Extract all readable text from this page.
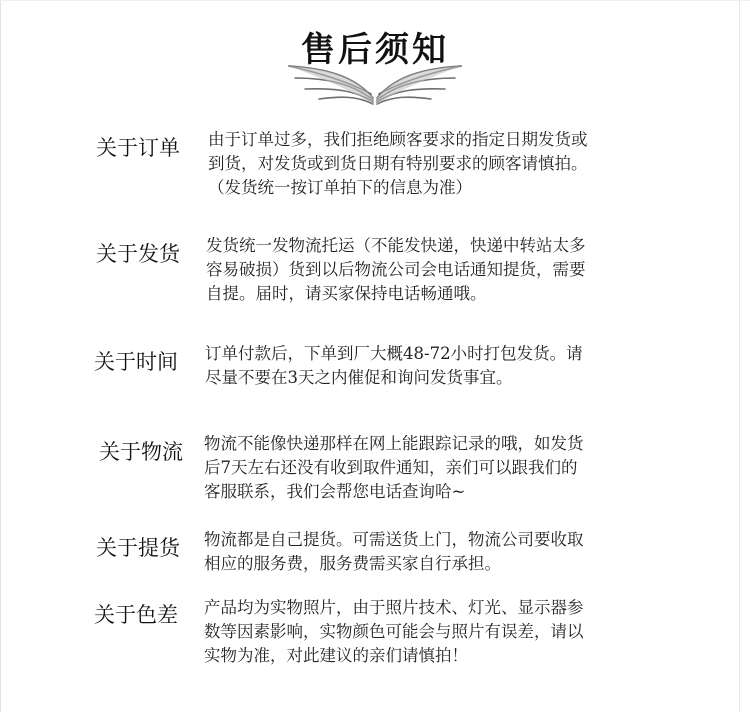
售后须知
关于订单	由于订单过多，我们拒绝顾客要求的指定日期发货或
到货，对发货或到货日期有特别要求的顾客请慎拍。
（发货统一按订单拍下的信息为准）
关于发货	发货统一发物流托运（不能发快递，快递中转站太多
容易破损）货到以后物流公司会电话通知提货，需要
自提。届时，请买家保持电话畅通哦。
关于时间	订单付款后，下单到厂大概48-72小时打包发货。请
尽量不要在3天之内催促和询问发货事宜。
关于物流	物流不能像快递那样在网上能跟踪记录的哦，如发货
后7天左右还没有收到取件通知，亲们可以跟我们的
客服联系，我们会帮您电话查询哈~
关于提货	物流都是自己提货。可需送货上门，物流公司要收取
相应的服务费，服务费需买家自行承担。
关于色差	产品均为实物照片，由于照片技术、灯光、显示器参
数等因素影响，实物颜色可能会与照片有误差，请以
实物为准，对此建议的亲们请慎拍！
